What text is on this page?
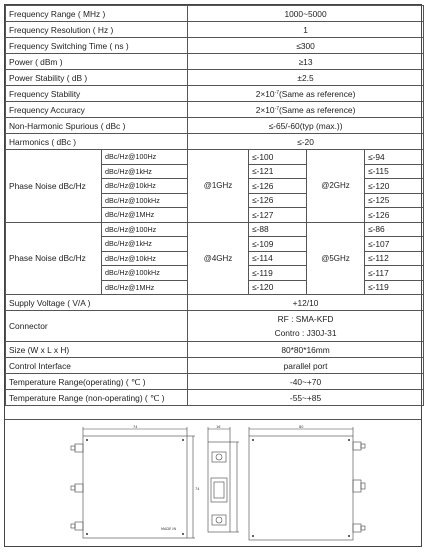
Frequency Range ( MHz )		1000~5000			
Frequency Resolution ( Hz )		1			
Frequency Switching Time ( ns )		≤300			
Power ( dBm )		≥13			
Power Stability ( dB )		±2.5			
Frequency Stability		$2\times 10^{-7}(Same$ as reference)			
Frequency Accuracy		$2\times 10^{-7}(Same$ as reference)			
Non-Harmonic Spurious ( dBc )		≤-65/-60(typ (max.))			
Harmonics ( dBc )		≤-20			
Phase Noise dBc/Hz	dBc/Hz@100Hz	@1GHz	≤-100	@2GHz	≤-94
	dBc/Hz@1kHz		≤-121		≤-115
	dBc/Hz@10kHz		≤-126		≤-120
	dBc/Hz@100kHz		≤-126		≤-125
	dBc/Hz@1MHz		≤-127		≤-126
Phase Noise dBc/Hz	dBc/Hz@100Hz	@4GHz	≤-88	@5GHz	≤-86
	dBc/Hz@1kHz		≤-109		≤-107
	dBc/Hz@10kHz		≤-114		≤-112
	dBc/Hz@100kHz		≤-119		≤-117
	dBc/Hz@1MHz		≤-120		≤-119
Supply Voltage ( V/A )		+12/10			
Connector		RF : SMA-KFD
Contro : J30J-31			

Size (W x L x H)		80*80*16mm			
Control Interface		parallel port			
Temperature Range(operating) ( ℃ )		-40~+70			
Temperature Range (non-operating) ( ℃ )		-55~+85			
74
74
16	80
MADE IN
